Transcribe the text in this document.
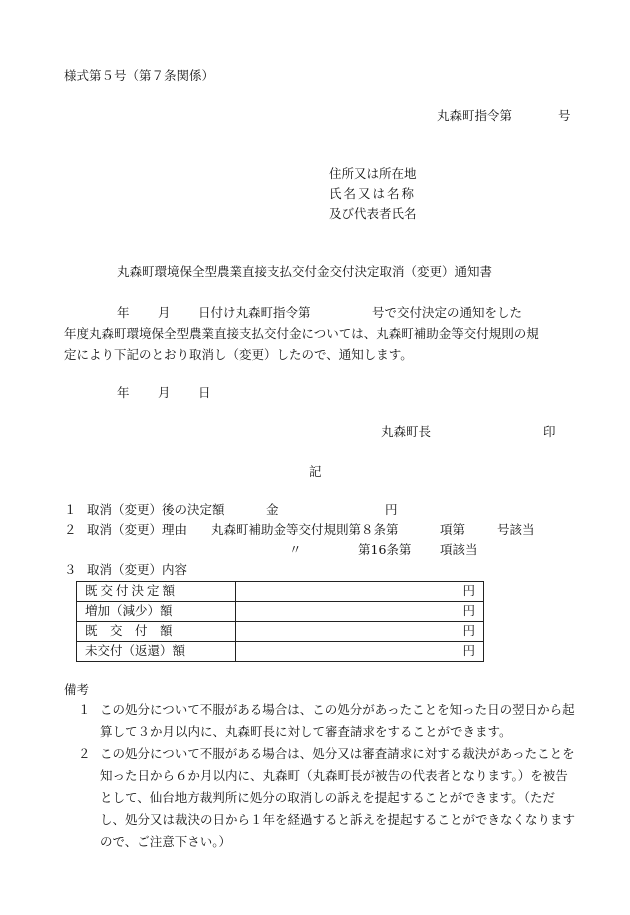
様式第５号（第７条関係）
丸森町指令第	号
住所又は所在地
氏名又は名称
及び代表者氏名
丸森町環境保全型農業直接支払交付金交付決定取消（変更）通知書
年 月 日付け丸森町指令第	号で交付決定の通知をした
年度丸森町環境保全型農業直接支払交付金については、丸森町補助金等交付規則の規
定により下記のとおり取消し（変更）したので、通知します。
年 月 日
丸森町長	印
記
１ 取消（変更）後の決定額	金	円
２ 取消（変更）理由 丸森町補助金等交付規則第８条第	項第	号該当
〃	第16条第 項該当
３ 取消（変更）内容
既交付決定額	円
増加（減少）額	円
既　交　付　額	円
未交付（返還）額	円
備考
１ この処分について不服がある場合は、この処分があったことを知った日の翌日から起算して３か月以内に、丸森町長に対して審査請求をすることができます。
２ この処分について不服がある場合は、処分又は審査請求に対する裁決があったことを知った日から６か月以内に、丸森町（丸森町長が被告の代表者となります。）を被告として、仙台地方裁判所に処分の取消しの訴えを提起することができます。（ただし、処分又は裁決の日から１年を経過すると訴えを提起することができなくなりますので、ご注意下さい。）
